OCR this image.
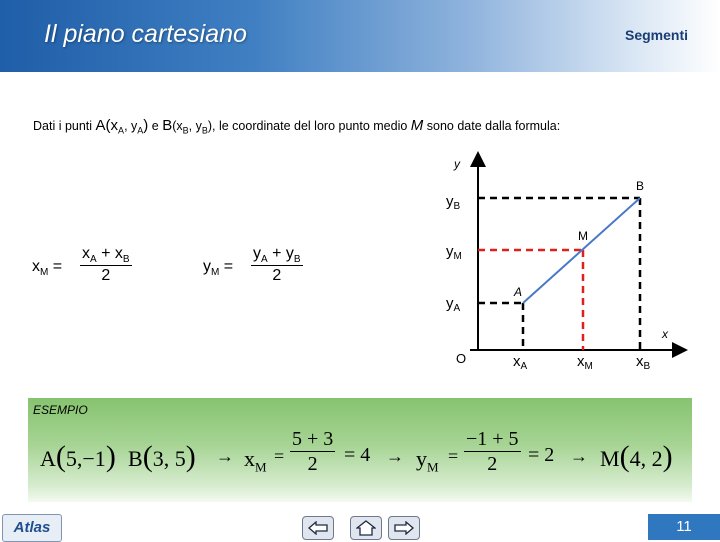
Il piano cartesiano	Segmenti
Dati i punti $A(x_A$, $y_A$) e $B(x_B$, $y_B$), le coordinate del loro punto medio M sono date dalla formula:
$x_M = \frac{x_A + x_B}{2}$	$y_M = \frac{y_A + y_B}{2}$
y
x
O
B
M
A
$y_B$
$y_M$
$y_A$
$x_A$	$x_M$	$x_B$
ESEMPIO
A(5,−1) B(3, $5) \to x_M$
= $\frac{5 + 3}{2} = 4 \to y_M$
= $\frac{-1 + 5}{2} = 2 \to M(4$, 2)
Atlas	11
